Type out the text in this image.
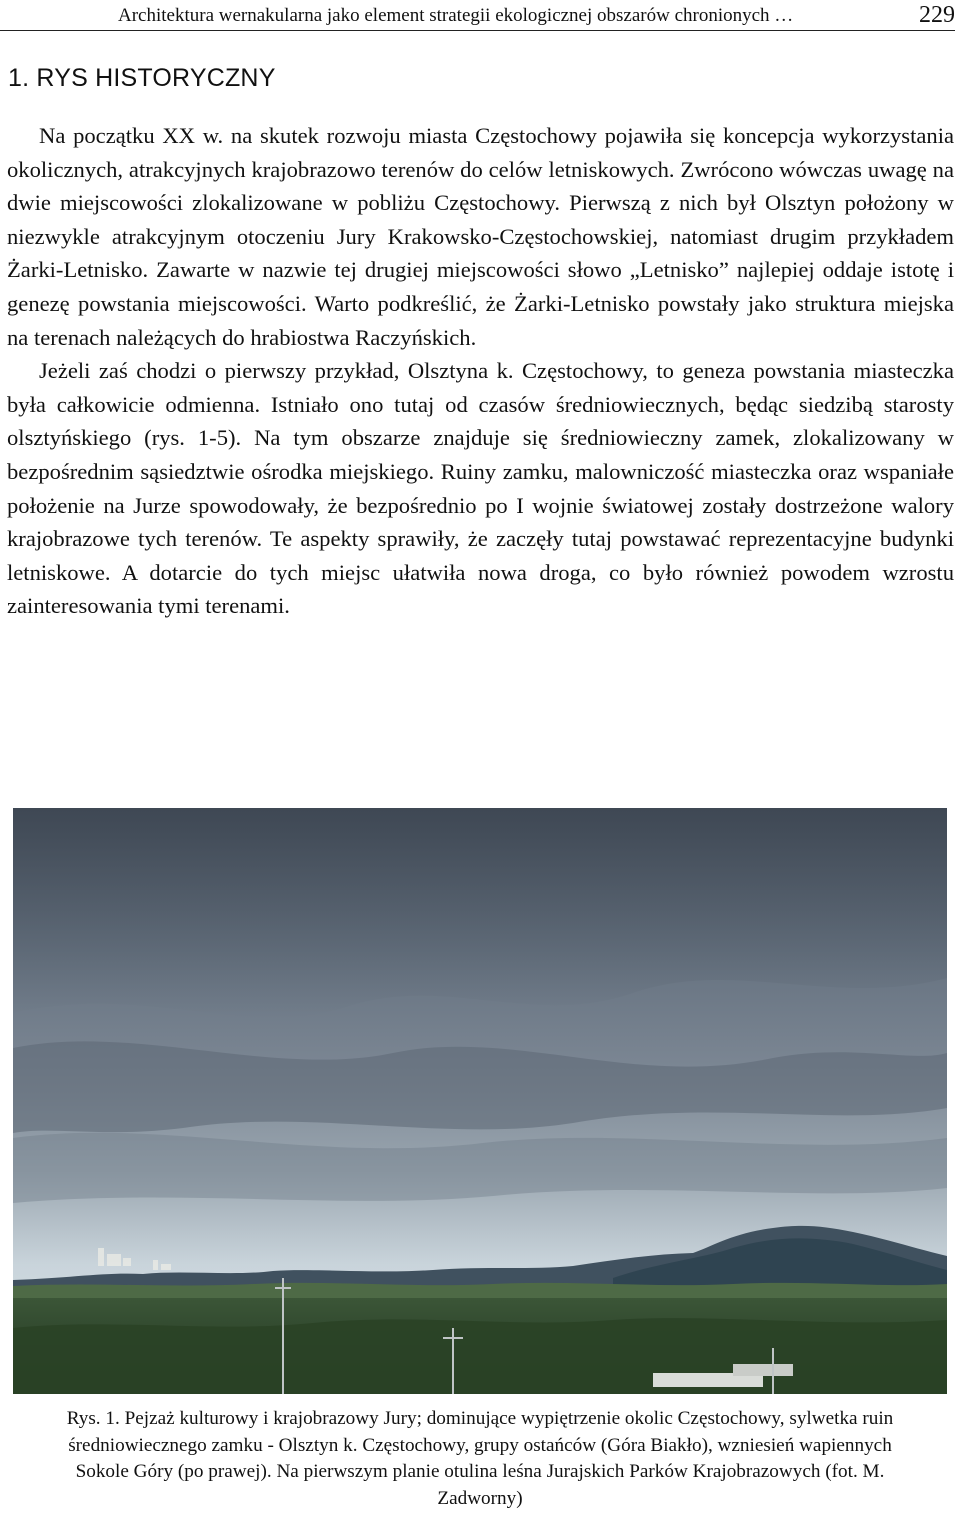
Architektura wernakularna jako element strategii ekologicznej obszarów chronionych …	229
1. RYS HISTORYCZNY

Na początku XX w. na skutek rozwoju miasta Częstochowy pojawiła się koncepcja wykorzystania okolicznych, atrakcyjnych krajobrazowo terenów do celów letniskowych. Zwrócono wówczas uwagę na dwie miejscowości zlokalizowane w pobliżu Częstochowy. Pierwszą z nich był Olsztyn położony w niezwykle atrakcyjnym otoczeniu Jury Krakowsko-Częstochowskiej, natomiast drugim przykładem Żarki-Letnisko. Zawarte w nazwie tej drugiej miejscowości słowo „Letnisko” najlepiej oddaje istotę i genezę powstania miejscowości. Warto podkreślić, że Żarki-Letnisko powstały jako struktura miejska na terenach należących do hrabiostwa Raczyńskich.

Jeżeli zaś chodzi o pierwszy przykład, Olsztyna k. Częstochowy, to geneza powstania miasteczka była całkowicie odmienna. Istniało ono tutaj od czasów średniowiecznych, będąc siedzibą starosty olsztyńskiego (rys. 1-5). Na tym obszarze znajduje się średniowieczny zamek, zlokalizowany w bezpośrednim sąsiedztwie ośrodka miejskiego. Ruiny zamku, malowniczość miasteczka oraz wspaniałe położenie na Jurze spowodowały, że bezpośrednio po I wojnie światowej zostały dostrzeżone walory krajobrazowe tych terenów. Te aspekty sprawiły, że zaczęły tutaj powstawać reprezentacyjne budynki letniskowe. A dotarcie do tych miejsc ułatwiła nowa droga, co było również powodem wzrostu zainteresowania tymi terenami.

Rys. 1. Pejzaż kulturowy i krajobrazowy Jury; dominujące wypiętrzenie okolic Częstochowy, sylwetka ruin średniowiecznego zamku - Olsztyn k. Częstochowy, grupy ostańców (Góra Biakło), wzniesień wapiennych Sokole Góry (po prawej). Na pierwszym planie otulina leśna Jurajskich Parków Krajobrazowych (fot. M. Zadworny)
